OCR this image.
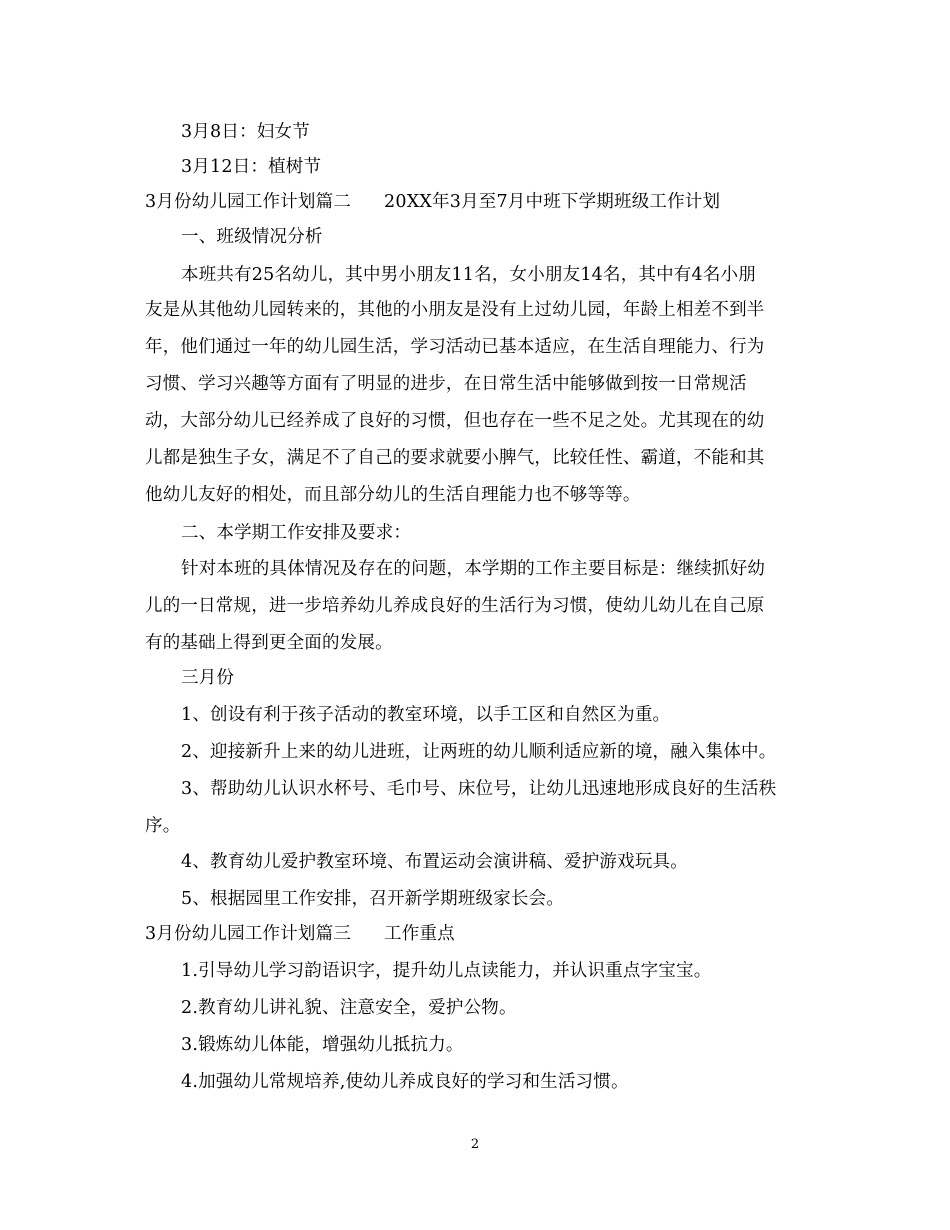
3月8日：妇女节
3月12日：植树节
3月份幼儿园工作计划篇二 20XX年3月至7月中班下学期班级工作计划
一、班级情况分析
本班共有25名幼儿，其中男小朋友11名，女小朋友14名，其中有4名小朋
友是从其他幼儿园转来的，其他的小朋友是没有上过幼儿园，年龄上相差不到半
年，他们通过一年的幼儿园生活，学习活动已基本适应，在生活自理能力、行为
习惯、学习兴趣等方面有了明显的进步，在日常生活中能够做到按一日常规活
动，大部分幼儿已经养成了良好的习惯，但也存在一些不足之处。尤其现在的幼
儿都是独生子女，满足不了自己的要求就要小脾气，比较任性、霸道，不能和其
他幼儿友好的相处，而且部分幼儿的生活自理能力也不够等等。
二、本学期工作安排及要求：
针对本班的具体情况及存在的问题，本学期的工作主要目标是：继续抓好幼
儿的一日常规，进一步培养幼儿养成良好的生活行为习惯，使幼儿幼儿在自己原
有的基础上得到更全面的发展。
三月份
1、创设有利于孩子活动的教室环境，以手工区和自然区为重。
2、迎接新升上来的幼儿进班，让两班的幼儿顺利适应新的境，融入集体中。
3、帮助幼儿认识水杯号、毛巾号、床位号，让幼儿迅速地形成良好的生活秩
序。
4、教育幼儿爱护教室环境、布置运动会演讲稿、爱护游戏玩具。
5、根据园里工作安排，召开新学期班级家长会。
3月份幼儿园工作计划篇三 工作重点
1.引导幼儿学习韵语识字，提升幼儿点读能力，并认识重点字宝宝。
2.教育幼儿讲礼貌、注意安全，爱护公物。
3.锻炼幼儿体能，增强幼儿抵抗力。
4.加强幼儿常规培养,使幼儿养成良好的学习和生活习惯。
2
